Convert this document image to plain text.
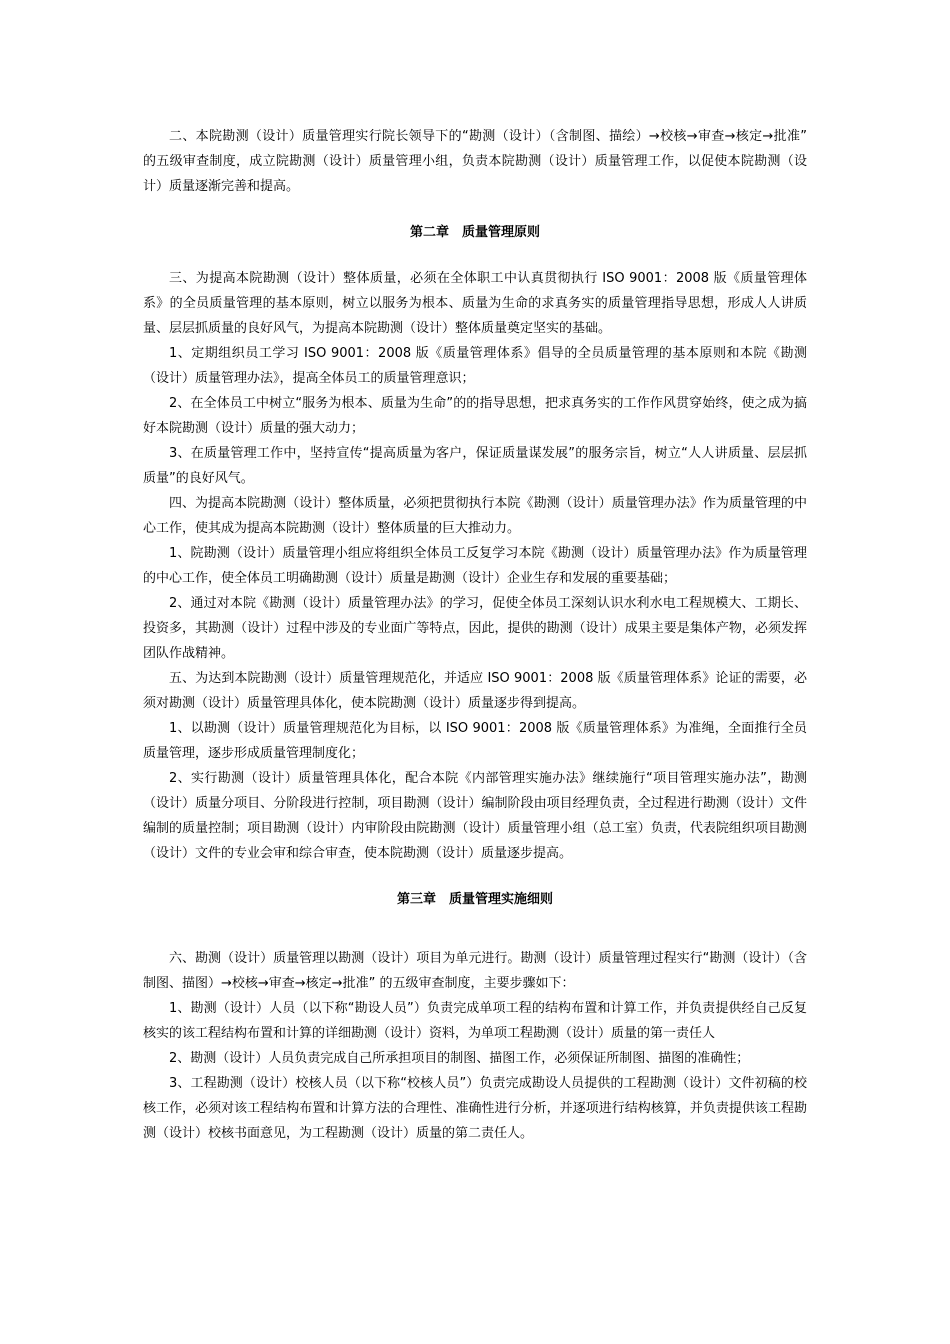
二、本院勘测（设计）质量管理实行院长领导下的“勘测（设计）（含制图、描绘）→校核→审查→核定→批准” 的五级审查制度，成立院勘测（设计）质量管理小组，负责本院勘测（设计）质量管理工作，以促使本院勘测（设计）质量逐渐完善和提高。

第二章　质量管理原则

三、为提高本院勘测（设计）整体质量，必须在全体职工中认真贯彻执行 ISO 9001：2008 版《质量管理体系》的全员质量管理的基本原则，树立以服务为根本、质量为生命的求真务实的质量管理指导思想，形成人人讲质量、层层抓质量的良好风气，为提高本院勘测（设计）整体质量奠定坚实的基础。

1、定期组织员工学习 ISO 9001：2008 版《质量管理体系》倡导的全员质量管理的基本原则和本院《勘测（设计）质量管理办法》，提高全体员工的质量管理意识；

2、在全体员工中树立“服务为根本、质量为生命”的的指导思想，把求真务实的工作作风贯穿始终，使之成为搞好本院勘测（设计）质量的强大动力；

3、在质量管理工作中，坚持宣传“提高质量为客户，保证质量谋发展”的服务宗旨，树立“人人讲质量、层层抓质量”的良好风气。

四、为提高本院勘测（设计）整体质量，必须把贯彻执行本院《勘测（设计）质量管理办法》作为质量管理的中心工作，使其成为提高本院勘测（设计）整体质量的巨大推动力。

1、院勘测（设计）质量管理小组应将组织全体员工反复学习本院《勘测（设计）质量管理办法》作为质量管理的中心工作，使全体员工明确勘测（设计）质量是勘测（设计）企业生存和发展的重要基础；

2、通过对本院《勘测（设计）质量管理办法》的学习，促使全体员工深刻认识水利水电工程规模大、工期长、投资多，其勘测（设计）过程中涉及的专业面广等特点，因此，提供的勘测（设计）成果主要是集体产物，必须发挥团队作战精神。

五、为达到本院勘测（设计）质量管理规范化，并适应 ISO 9001：2008 版《质量管理体系》论证的需要，必须对勘测（设计）质量管理具体化，使本院勘测（设计）质量逐步得到提高。

1、以勘测（设计）质量管理规范化为目标，以 ISO 9001：2008 版《质量管理体系》为准绳，全面推行全员质量管理，逐步形成质量管理制度化；

2、实行勘测（设计）质量管理具体化，配合本院《内部管理实施办法》继续施行“项目管理实施办法”，勘测（设计）质量分项目、分阶段进行控制，项目勘测（设计）编制阶段由项目经理负责，全过程进行勘测（设计）文件编制的质量控制；项目勘测（设计）内审阶段由院勘测（设计）质量管理小组（总工室）负责，代表院组织项目勘测（设计）文件的专业会审和综合审查，使本院勘测（设计）质量逐步提高。

第三章　质量管理实施细则

六、勘测（设计）质量管理以勘测（设计）项目为单元进行。勘测（设计）质量管理过程实行“勘测（设计）（含制图、描图）→校核→审查→核定→批准” 的五级审查制度，主要步骤如下：

1、勘测（设计）人员（以下称“勘设人员”）负责完成单项工程的结构布置和计算工作，并负责提供经自己反复核实的该工程结构布置和计算的详细勘测（设计）资料，为单项工程勘测（设计）质量的第一责任人

2、勘测（设计）人员负责完成自己所承担项目的制图、描图工作，必须保证所制图、描图的准确性；

3、工程勘测（设计）校核人员（以下称“校核人员”）负责完成勘设人员提供的工程勘测（设计）文件初稿的校核工作，必须对该工程结构布置和计算方法的合理性、准确性进行分析，并逐项进行结构核算，并负责提供该工程勘测（设计）校核书面意见，为工程勘测（设计）质量的第二责任人。
